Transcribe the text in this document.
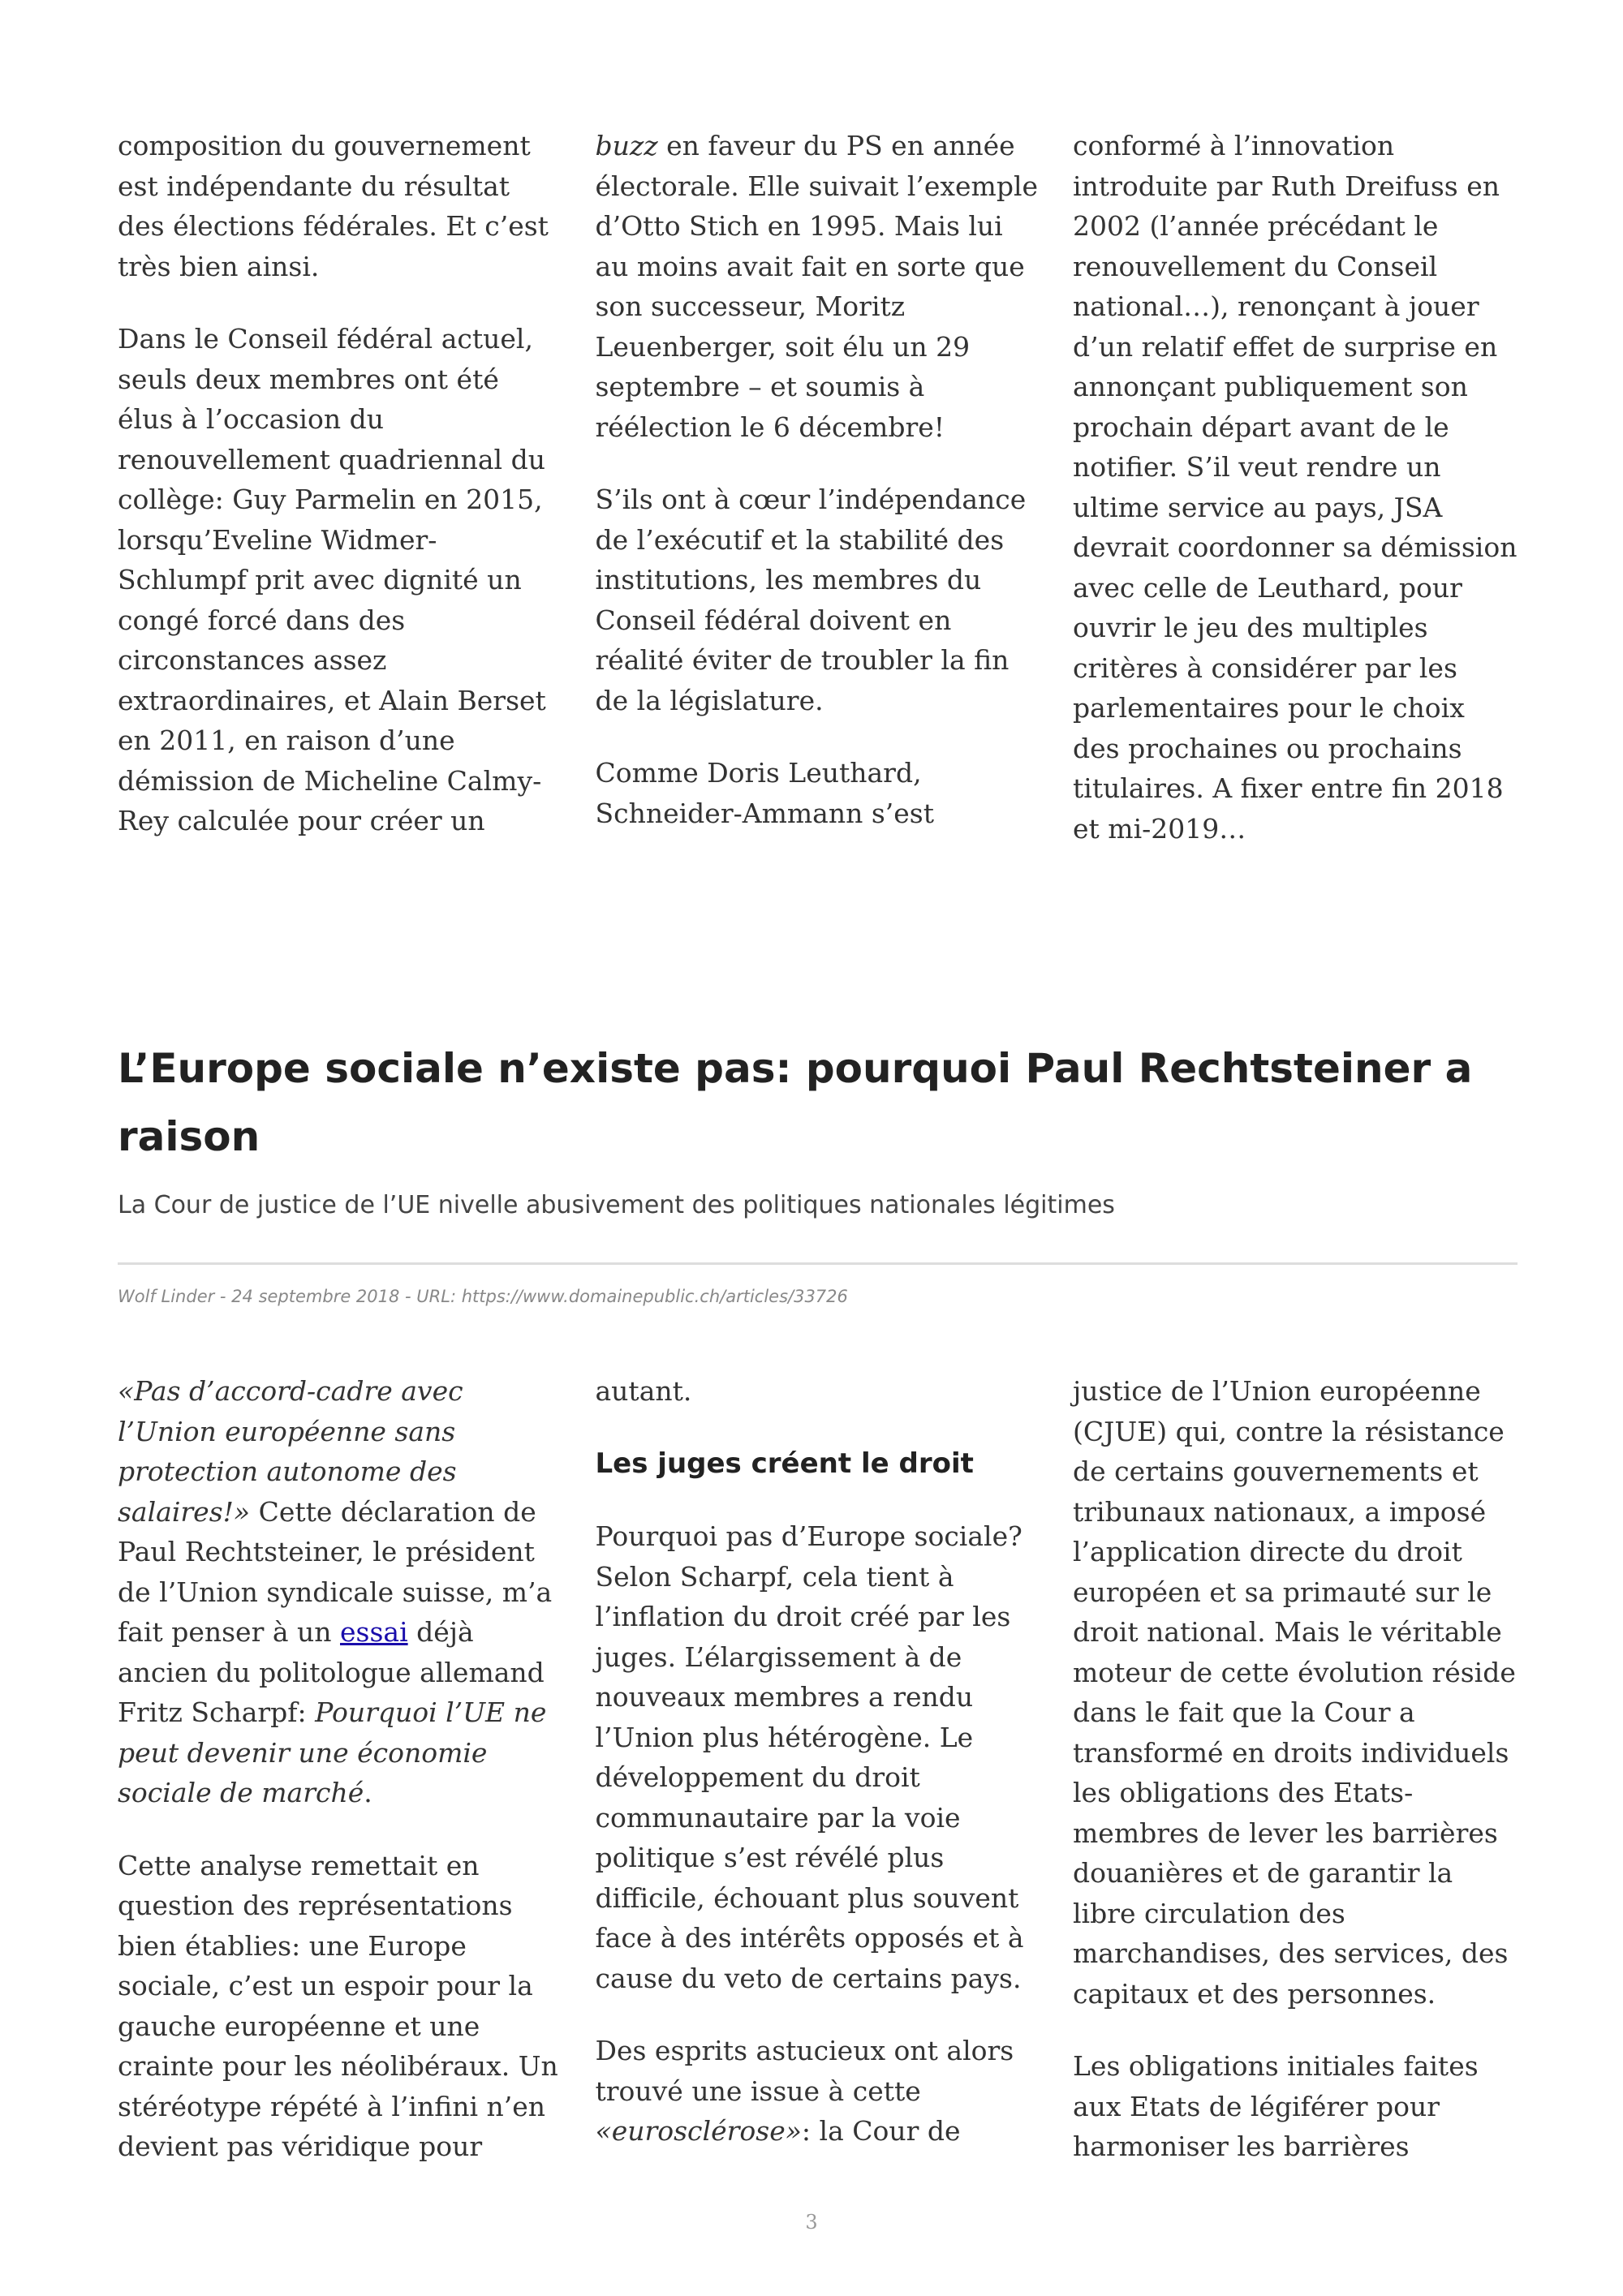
composition du gouvernement est indépendante du résultat des élections fédérales. Et c’est très bien ainsi.

Dans le Conseil fédéral actuel, seuls deux membres ont été élus à l’occasion du renouvellement quadriennal du collège: Guy Parmelin en 2015, lorsqu’Eveline Widmer-Schlumpf prit avec dignité un congé forcé dans des circonstances assez extraordinaires, et Alain Berset en 2011, en raison d’une démission de Micheline Calmy-Rey calculée pour créer un

buzz en faveur du PS en année électorale. Elle suivait l’exemple d’Otto Stich en 1995. Mais lui au moins avait fait en sorte que son successeur, Moritz Leuenberger, soit élu un 29 septembre – et soumis à réélection le 6 décembre!

S’ils ont à cœur l’indépendance de l’exécutif et la stabilité des institutions, les membres du Conseil fédéral doivent en réalité éviter de troubler la fin de la législature.

Comme Doris Leuthard, Schneider-Ammann s’est

conformé à l’innovation introduite par Ruth Dreifuss en 2002 (l’année précédant le renouvellement du Conseil national…), renonçant à jouer d’un relatif effet de surprise en annonçant publiquement son prochain départ avant de le notifier. S’il veut rendre un ultime service au pays, JSA devrait coordonner sa démission avec celle de Leuthard, pour ouvrir le jeu des multiples critères à considérer par les parlementaires pour le choix des prochaines ou prochains titulaires. A fixer entre fin 2018 et mi-2019…

L’Europe sociale n’existe pas: pourquoi Paul Rechtsteiner a raison
La Cour de justice de l’UE nivelle abusivement des politiques nationales légitimes
Wolf Linder - 24 septembre 2018 - URL: https://www.domainepublic.ch/articles/33726

«Pas d’accord-cadre avec l’Union européenne sans protection autonome des salaires!» Cette déclaration de Paul Rechtsteiner, le président de l’Union syndicale suisse, m’a fait penser à un essai déjà ancien du politologue allemand Fritz Scharpf: Pourquoi l’UE ne peut devenir une économie sociale de marché.

Cette analyse remettait en question des représentations bien établies: une Europe sociale, c’est un espoir pour la gauche européenne et une crainte pour les néolibéraux. Un stéréotype répété à l’infini n’en devient pas véridique pour

autant.

Les juges créent le droit

Pourquoi pas d’Europe sociale? Selon Scharpf, cela tient à l’inflation du droit créé par les juges. L’élargissement à de nouveaux membres a rendu l’Union plus hétérogène. Le développement du droit communautaire par la voie politique s’est révélé plus difficile, échouant plus souvent face à des intérêts opposés et à cause du veto de certains pays.

Des esprits astucieux ont alors trouvé une issue à cette «eurosclérose»: la Cour de

justice de l’Union européenne (CJUE) qui, contre la résistance de certains gouvernements et tribunaux nationaux, a imposé l’application directe du droit européen et sa primauté sur le droit national. Mais le véritable moteur de cette évolution réside dans le fait que la Cour a transformé en droits individuels les obligations des Etats-membres de lever les barrières douanières et de garantir la libre circulation des marchandises, des services, des capitaux et des personnes.

Les obligations initiales faites aux Etats de légiférer pour harmoniser les barrières

3
